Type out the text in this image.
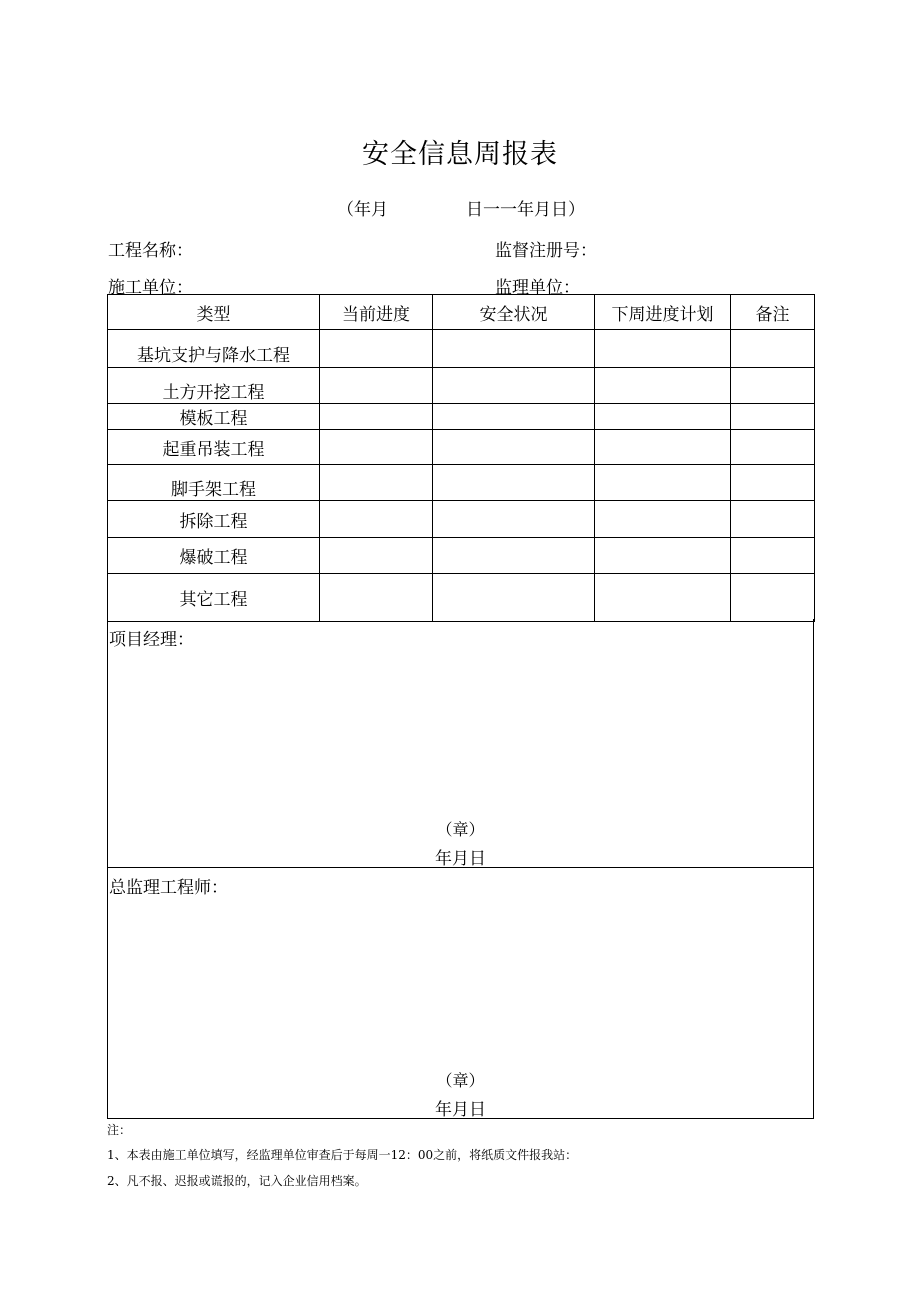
安全信息周报表
（年月	日一一年月日）
工程名称：	监督注册号：
施工单位：	监理单位：
类型	当前进度	安全状况	下周进度计划	备注
基坑支护与降水工程				
土方开挖工程				
模板工程				
起重吊装工程				
脚手架工程				
拆除工程				
爆破工程				
其它工程				
项目经理：
（章）
年月日
总监理工程师：
（章）
年月日
注：
1、本表由施工单位填写，经监理单位审查后于每周一12：00之前，将纸质文件报我站：
2、凡不报、迟报或谎报的，记入企业信用档案。
